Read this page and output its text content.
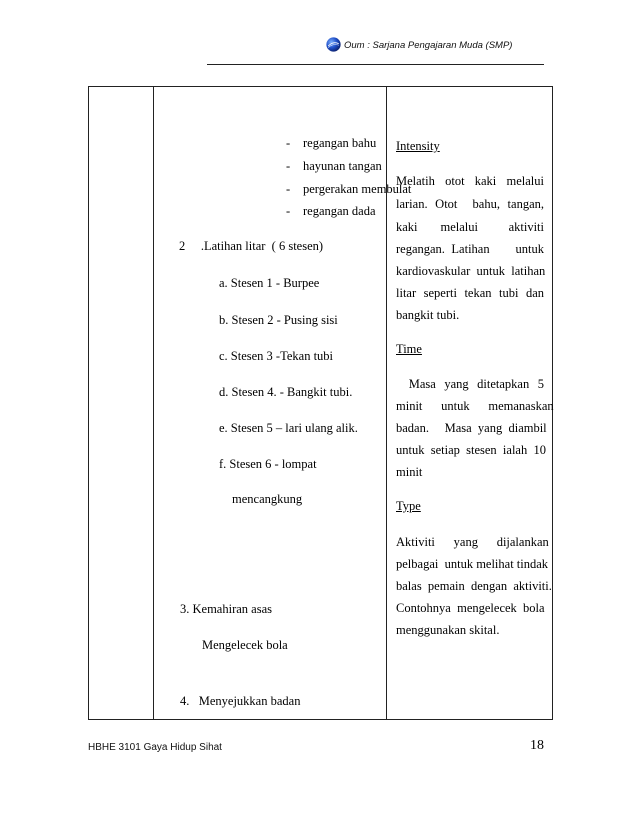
Oum : Sarjana Pengajaran Muda (SMP)

- regangan bahu
- hayunan tangan
- pergerakan membulat
- regangan dada
2     .Latihan litar  ( 6 stesen)
a. Stesen 1 - Burpee
b. Stesen 2 - Pusing sisi
c. Stesen 3 -Tekan tubi
d. Stesen 4. - Bangkit tubi.
e. Stesen 5 – lari ulang alik.
f. Stesen 6 - lompat
mencangkung
3. Kemahiran asas
Mengelecek bola
4.   Menyejukkan badan

Intensity
Melatih otot kaki melalui
larian.  Otot    bahu,  tangan,
kaki      melalui        aktiviti
regangan.  Latihan        untuk
kardiovaskular  untuk  latihan
litar  seperti  tekan  tubi  dan
bangkit tubi.
Time
Masa  yang  ditetapkan  5
minit      untuk      memanaskan
badan.     Masa  yang  diambil
untuk  setiap  stesen  ialah  10
minit
Type
Aktiviti      yang      dijalankan
pelbagai  untuk melihat tindak
balas  pemain  dengan  aktiviti.
Contohnya  mengelecek  bola
menggunakan skital.
HBHE 3101 Gaya Hidup Sihat	18
